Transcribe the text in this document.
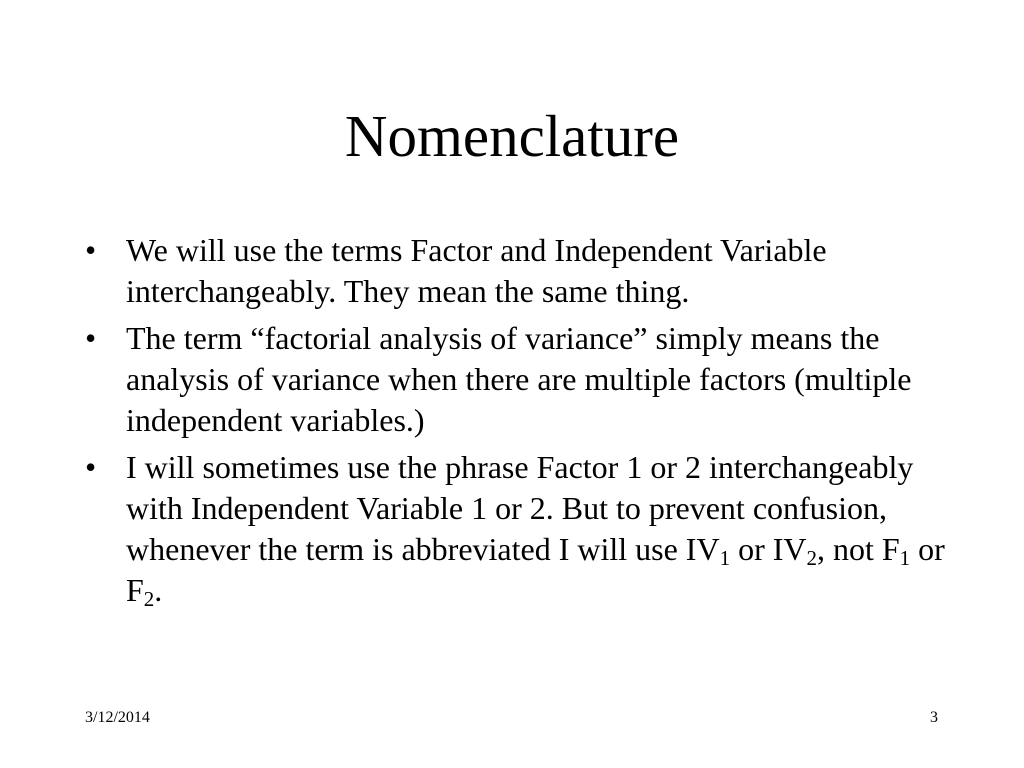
Nomenclature
• We will use the terms Factor and Independent Variable interchangeably. They mean the same thing.
• The term “factorial analysis of variance” simply means the analysis of variance when there are multiple factors (multiple independent variables.)
• I will sometimes use the phrase Factor 1 or 2 interchangeably with Independent Variable 1 or 2. But to prevent confusion, whenever the term is abbreviated I will use $IV_1$ or $IV_2$, not $F_1$ or $F_2$.
3/12/2014	3
